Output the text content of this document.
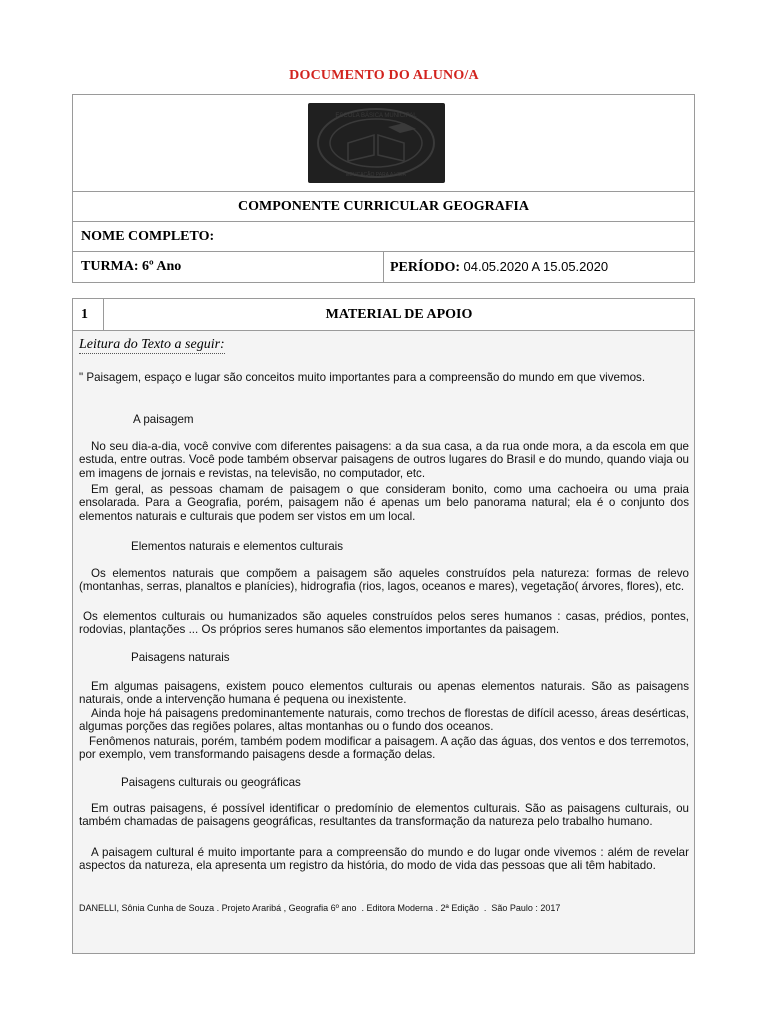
DOCUMENTO DO ALUNO/A
ESCOLA BÁSICA MUNICIPAL
EDUCAÇÃO PARA A VIDA
COMPONENTE CURRICULAR GEOGRAFIA
NOME COMPLETO:
TURMA: 6º Ano	PERÍODO: 04.05.2020 A 15.05.2020
1	MATERIAL DE APOIO
Leitura do Texto a seguir:
" Paisagem, espaço e lugar são conceitos muito importantes para a compreensão do mundo em que vivemos.
A paisagem
No seu dia-a-dia, você convive com diferentes paisagens: a da sua casa, a da rua onde mora, a da escola em que estuda, entre outras. Você pode também observar paisagens de outros lugares do Brasil e do mundo, quando viaja ou em imagens de jornais e revistas, na televisão, no computador, etc.
Em geral, as pessoas chamam de paisagem o que consideram bonito, como uma cachoeira ou uma praia ensolarada. Para a Geografia, porém, paisagem não é apenas um belo panorama natural; ela é o conjunto dos elementos naturais e culturais que podem ser vistos em um local.
Elementos naturais e elementos culturais
Os elementos naturais que compõem a paisagem são aqueles construídos pela natureza: formas de relevo (montanhas, serras, planaltos e planícies), hidrografia (rios, lagos, oceanos e mares), vegetação( árvores, flores), etc.
Os elementos culturais ou humanizados são aqueles construídos pelos seres humanos : casas, prédios, pontes, rodovias, plantações ... Os próprios seres humanos são elementos importantes da paisagem.
Paisagens naturais
Em algumas paisagens, existem pouco elementos culturais ou apenas elementos naturais. São as paisagens naturais, onde a intervenção humana é pequena ou inexistente.
Ainda hoje há paisagens predominantemente naturais, como trechos de florestas de difícil acesso, áreas desérticas, algumas porções das regiões polares, altas montanhas ou o fundo dos oceanos.
Fenômenos naturais, porém, também podem modificar a paisagem. A ação das águas, dos ventos e dos terremotos, por exemplo, vem transformando paisagens desde a formação delas.
Paisagens culturais ou geográficas
Em outras paisagens, é possível identificar o predomínio de elementos culturais. São as paisagens culturais, ou também chamadas de paisagens geográficas, resultantes da transformação da natureza pelo trabalho humano.
A paisagem cultural é muito importante para a compreensão do mundo e do lugar onde vivemos : além de revelar aspectos da natureza, ela apresenta um registro da história, do modo de vida das pessoas que ali têm habitado.
DANELLI, Sônia Cunha de Souza . Projeto Araribá , Geografia 6º ano  . Editora Moderna . 2ª Edição  .  São Paulo : 2017
